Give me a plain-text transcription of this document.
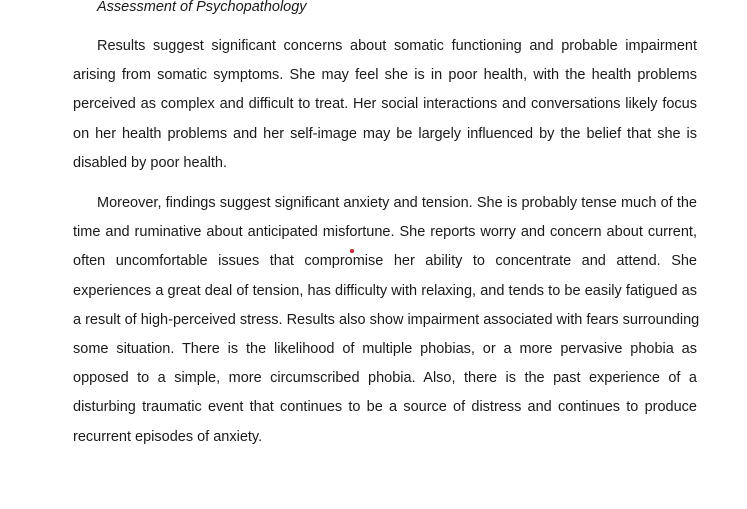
Assessment of Psychopathology

Results suggest significant concerns about somatic functioning and probable impairment
arising from somatic symptoms. She may feel she is in poor health, with the health problems
perceived as complex and difficult to treat. Her social interactions and conversations likely focus
on her health problems and her self-image may be largely influenced by the belief that she is
disabled by poor health.

Moreover, findings suggest significant anxiety and tension. She is probably tense much of the
time and ruminative about anticipated misfortune. She reports worry and concern about current,
often uncomfortable issues that compromise her ability to concentrate and attend. She
experiences a great deal of tension, has difficulty with relaxing, and tends to be easily fatigued as
a result of high-perceived stress. Results also show impairment associated with fears surrounding
some situation. There is the likelihood of multiple phobias, or a more pervasive phobia as
opposed to a simple, more circumscribed phobia. Also, there is the past experience of a
disturbing traumatic event that continues to be a source of distress and continues to produce
recurrent episodes of anxiety.
